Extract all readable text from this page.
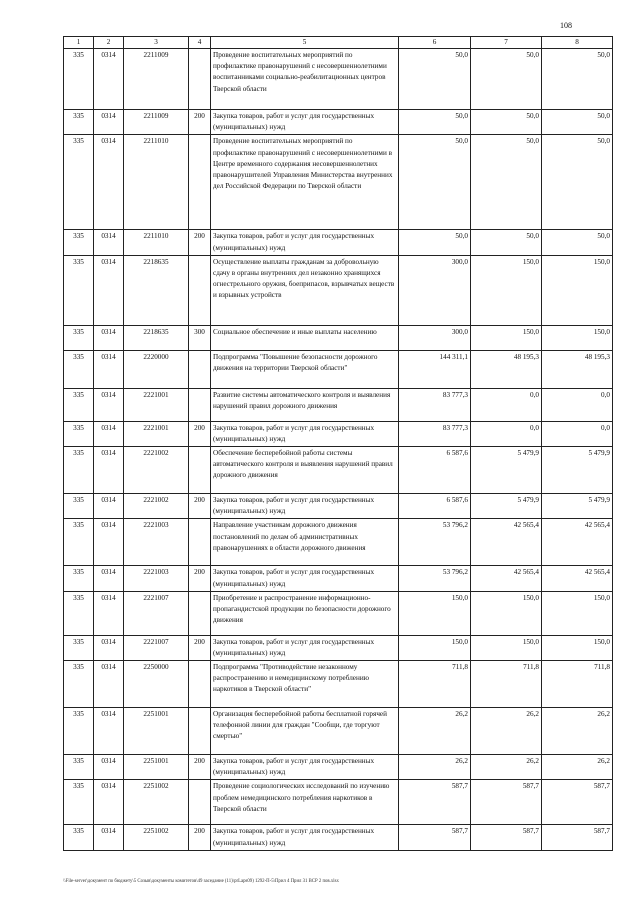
108
1	2	3	4	5	6	7	8
335	0314	2211009		Проведение воспитательных мероприятий по профилактике правонарушений с несовершеннолетними воспитанниками социально-реабилитационных центров Тверской области	50,0	50,0	50,0
335	0314	2211009	200	Закупка товаров, работ и услуг для государственных (муниципальных) нужд	50,0	50,0	50,0
335	0314	2211010		Проведение воспитательных мероприятий по профилактике правонарушений с несовершеннолетними в Центре временного содержания несовершеннолетних правонарушителей Управления Министерства внутренних дел Российской Федерации по Тверской области	50,0	50,0	50,0
335	0314	2211010	200	Закупка товаров, работ и услуг для государственных (муниципальных) нужд	50,0	50,0	50,0
335	0314	2218635		Осуществление выплаты гражданам за добровольную сдачу в органы внутренних дел незаконно хранящихся огнестрельного оружия, боеприпасов, взрывчатых веществ и взрывных устройств	300,0	150,0	150,0
335	0314	2218635	300	Социальное обеспечение и иные выплаты населению	300,0	150,0	150,0
335	0314	2220000		Подпрограмма "Повышение безопасности дорожного движения на территории Тверской области"	144 311,1	48 195,3	48 195,3
335	0314	2221001		Развитие системы автоматического контроля и выявления нарушений правил дорожного движения	83 777,3	0,0	0,0
335	0314	2221001	200	Закупка товаров, работ и услуг для государственных (муниципальных) нужд	83 777,3	0,0	0,0
335	0314	2221002		Обеспечение бесперебойной работы системы автоматического контроля и выявления нарушений правил дорожного движения	6 587,6	5 479,9	5 479,9
335	0314	2221002	200	Закупка товаров, работ и услуг для государственных (муниципальных) нужд	6 587,6	5 479,9	5 479,9
335	0314	2221003		Направление участникам дорожного движения постановлений по делам об административных правонарушениях в области дорожного движения	53 796,2	42 565,4	42 565,4
335	0314	2221003	200	Закупка товаров, работ и услуг для государственных (муниципальных) нужд	53 796,2	42 565,4	42 565,4
335	0314	2221007		Приобретение и распространение информационно-пропагандистской продукции по безопасности дорожного движения	150,0	150,0	150,0
335	0314	2221007	200	Закупка товаров, работ и услуг для государственных (муниципальных) нужд	150,0	150,0	150,0
335	0314	2250000		Подпрограмма "Противодействие незаконному распространению и немедицинскому потреблению наркотиков в Тверской области"	711,8	711,8	711,8
335	0314	2251001		Организация бесперебойной работы бесплатной горячей телефонной линии для граждан "Сообщи, где торгуют смертью"	26,2	26,2	26,2
335	0314	2251001	200	Закупка товаров, работ и услуг для государственных (муниципальных) нужд	26,2	26,2	26,2
335	0314	2251002		Проведение социологических исследований по изучению проблем немедицинского потребления наркотиков в Тверской области	587,7	587,7	587,7
335	0314	2251002	200	Закупка товаров, работ и услуг для государственных (муниципальных) нужд	587,7	587,7	587,7
\\File-server\документ по бюджету\5 Созыв\документы комитетов\49 заседание (11)\prLaps09) 1292-П-5\Прил 4 Прил 31 ВСР 2 пов.xlsx
